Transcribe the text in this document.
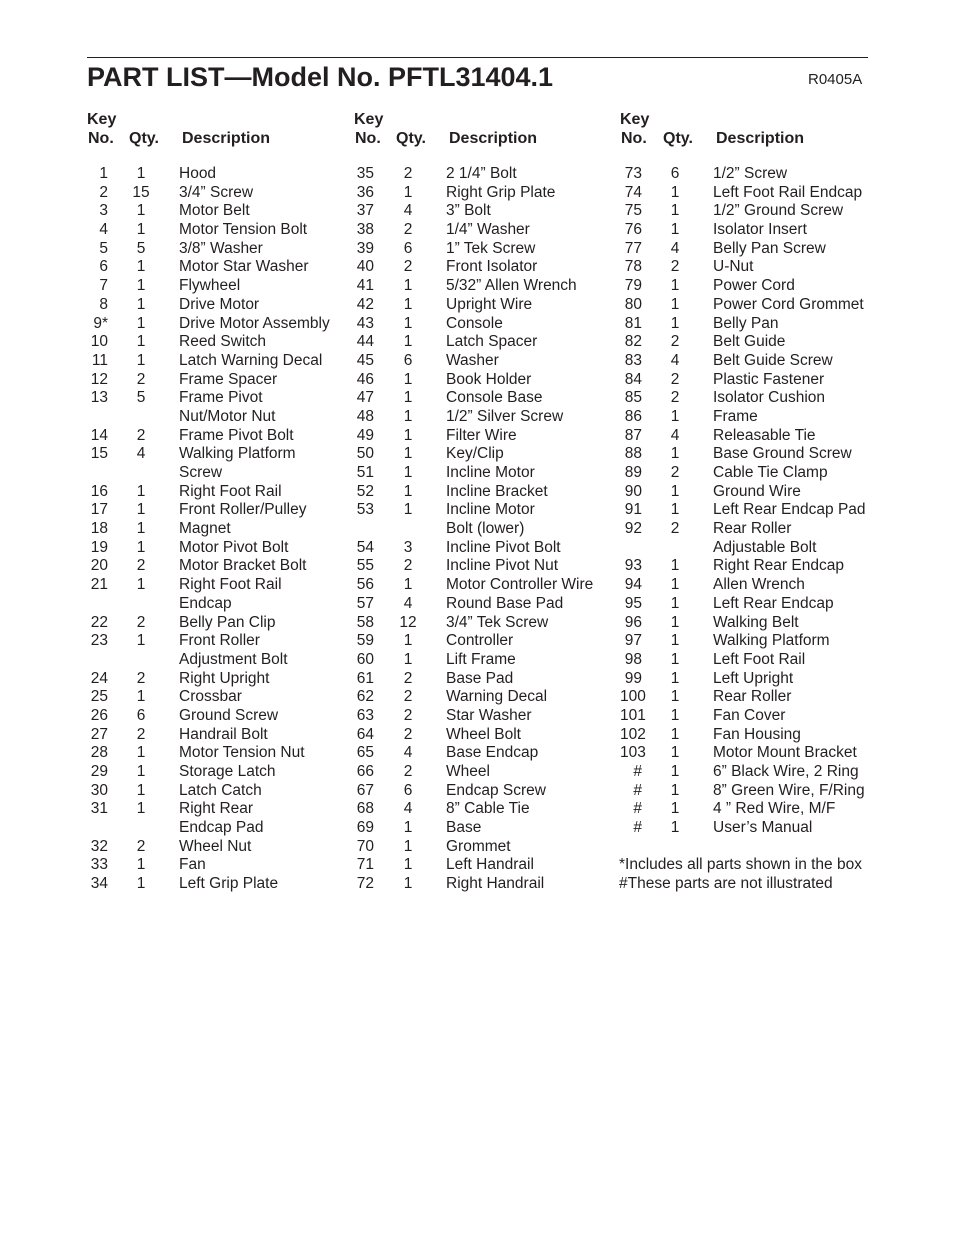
PART LIST—Model No. PFTL31404.1	R0405A
Key
No. Qty. Description
1	1	Hood
2	15	3/4” Screw
3	1	Motor Belt
4	1	Motor Tension Bolt
5	5	3/8” Washer
6	1	Motor Star Washer
7	1	Flywheel
8	1	Drive Motor
9*	1	Drive Motor Assembly
10	1	Reed Switch
11	1	Latch Warning Decal
12	2	Frame Spacer
13	5	Frame Pivot
Nut/Motor Nut
14	2	Frame Pivot Bolt
15	4	Walking Platform
Screw
16	1	Right Foot Rail
17	1	Front Roller/Pulley
18	1	Magnet
19	1	Motor Pivot Bolt
20	2	Motor Bracket Bolt
21	1	Right Foot Rail
Endcap
22	2	Belly Pan Clip
23	1	Front Roller
Adjustment Bolt
24	2	Right Upright
25	1	Crossbar
26	6	Ground Screw
27	2	Handrail Bolt
28	1	Motor Tension Nut
29	1	Storage Latch
30	1	Latch Catch
31	1	Right Rear
Endcap Pad
32	2	Wheel Nut
33	1	Fan
34	1	Left Grip Plate
Key
No. Qty. Description
35	2	2 1/4” Bolt
36	1	Right Grip Plate
37	4	3” Bolt
38	2	1/4” Washer
39	6	1” Tek Screw
40	2	Front Isolator
41	1	5/32” Allen Wrench
42	1	Upright Wire
43	1	Console
44	1	Latch Spacer
45	6	Washer
46	1	Book Holder
47	1	Console Base
48	1	1/2” Silver Screw
49	1	Filter Wire
50	1	Key/Clip
51	1	Incline Motor
52	1	Incline Bracket
53	1	Incline Motor
Bolt (lower)
54	3	Incline Pivot Bolt
55	2	Incline Pivot Nut
56	1	Motor Controller Wire
57	4	Round Base Pad
58	12	3/4” Tek Screw
59	1	Controller
60	1	Lift Frame
61	2	Base Pad
62	2	Warning Decal
63	2	Star Washer
64	2	Wheel Bolt
65	4	Base Endcap
66	2	Wheel
67	6	Endcap Screw
68	4	8” Cable Tie
69	1	Base
70	1	Grommet
71	1	Left Handrail
72	1	Right Handrail
Key
No. Qty. Description
73	6	1/2” Screw
74	1	Left Foot Rail Endcap
75	1	1/2” Ground Screw
76	1	Isolator Insert
77	4	Belly Pan Screw
78	2	U-Nut
79	1	Power Cord
80	1	Power Cord Grommet
81	1	Belly Pan
82	2	Belt Guide
83	4	Belt Guide Screw
84	2	Plastic Fastener
85	2	Isolator Cushion
86	1	Frame
87	4	Releasable Tie
88	1	Base Ground Screw
89	2	Cable Tie Clamp
90	1	Ground Wire
91	1	Left Rear Endcap Pad
92	2	Rear Roller
Adjustable Bolt
93	1	Right Rear Endcap
94	1	Allen Wrench
95	1	Left Rear Endcap
96	1	Walking Belt
97	1	Walking Platform
98	1	Left Foot Rail
99	1	Left Upright
100	1	Rear Roller
101	1	Fan Cover
102	1	Fan Housing
103	1	Motor Mount Bracket
#	1	6” Black Wire, 2 Ring
#	1	8” Green Wire, F/Ring
#	1	4 ” Red Wire, M/F
#	1	User’s Manual
*Includes all parts shown in the box
#These parts are not illustrated
